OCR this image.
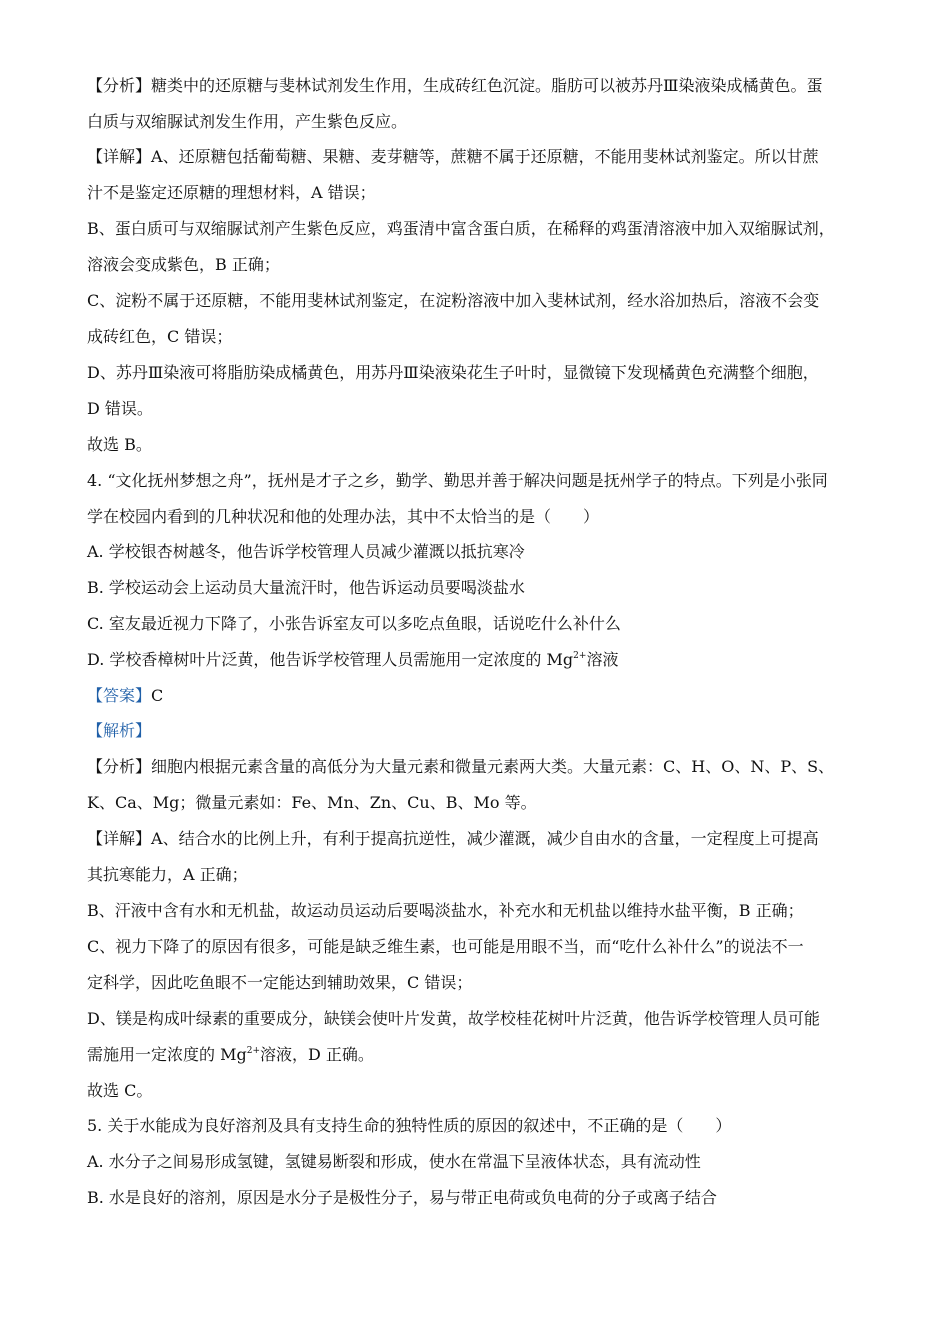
【分析】糖类中的还原糖与斐林试剂发生作用，生成砖红色沉淀。脂肪可以被苏丹Ⅲ染液染成橘黄色。蛋
白质与双缩脲试剂发生作用，产生紫色反应。
【详解】A、还原糖包括葡萄糖、果糖、麦芽糖等，蔗糖不属于还原糖，不能用斐林试剂鉴定。所以甘蔗
汁不是鉴定还原糖的理想材料，A 错误；
B、蛋白质可与双缩脲试剂产生紫色反应，鸡蛋清中富含蛋白质，在稀释的鸡蛋清溶液中加入双缩脲试剂，
溶液会变成紫色，B 正确；
C、淀粉不属于还原糖，不能用斐林试剂鉴定，在淀粉溶液中加入斐林试剂，经水浴加热后，溶液不会变
成砖红色，C 错误；
D、苏丹Ⅲ染液可将脂肪染成橘黄色，用苏丹Ⅲ染液染花生子叶时，显微镜下发现橘黄色充满整个细胞，
D 错误。
故选 B。
4. “文化抚州梦想之舟”，抚州是才子之乡，勤学、勤思并善于解决问题是抚州学子的特点。下列是小张同
学在校园内看到的几种状况和他的处理办法，其中不太恰当的是（　　）
A. 学校银杏树越冬，他告诉学校管理人员减少灌溉以抵抗寒冷
B. 学校运动会上运动员大量流汗时，他告诉运动员要喝淡盐水
C. 室友最近视力下降了，小张告诉室友可以多吃点鱼眼，话说吃什么补什么
D. 学校香樟树叶片泛黄，他告诉学校管理人员需施用一定浓度的 $Mg^{2+}$溶液
【答案】C
【解析】
【分析】细胞内根据元素含量的高低分为大量元素和微量元素两大类。大量元素：C、H、O、N、P、S、
K、Ca、Mg；微量元素如：Fe、Mn、Zn、Cu、B、Mo 等。
【详解】A、结合水的比例上升，有利于提高抗逆性，减少灌溉，减少自由水的含量，一定程度上可提高
其抗寒能力，A 正确；
B、汗液中含有水和无机盐，故运动员运动后要喝淡盐水，补充水和无机盐以维持水盐平衡，B 正确；
C、视力下降了的原因有很多，可能是缺乏维生素，也可能是用眼不当，而“吃什么补什么”的说法不一
定科学，因此吃鱼眼不一定能达到辅助效果，C 错误；
D、镁是构成叶绿素的重要成分，缺镁会使叶片发黄，故学校桂花树叶片泛黄，他告诉学校管理人员可能
需施用一定浓度的 $Mg^{2+}$溶液，D 正确。
故选 C。
5. 关于水能成为良好溶剂及具有支持生命的独特性质的原因的叙述中，不正确的是（　　）
A. 水分子之间易形成氢键，氢键易断裂和形成，使水在常温下呈液体状态，具有流动性
B. 水是良好的溶剂，原因是水分子是极性分子，易与带正电荷或负电荷的分子或离子结合
